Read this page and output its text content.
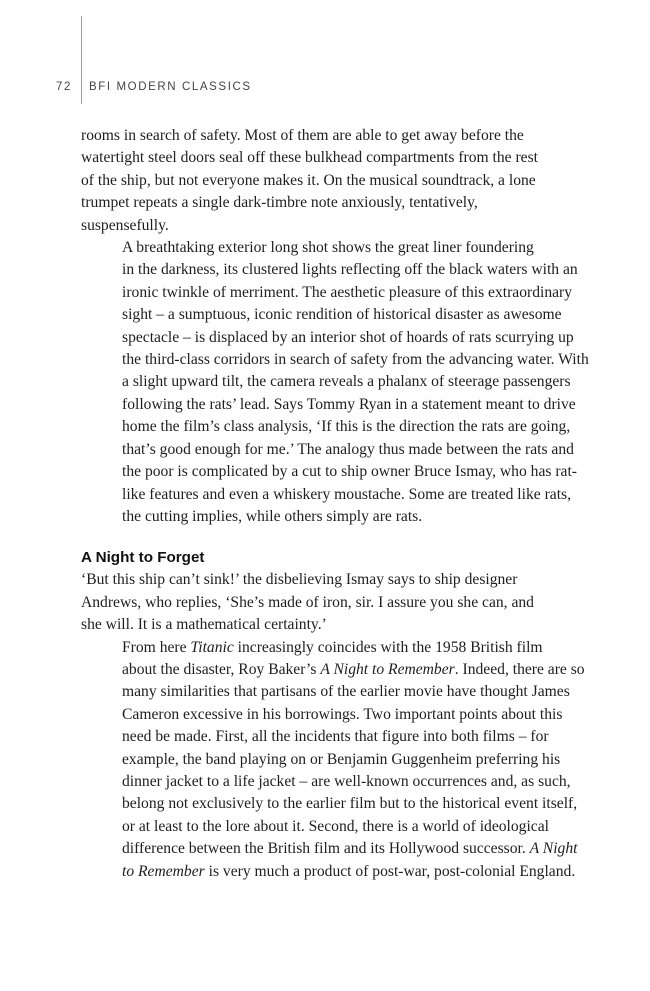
72 BFI MODERN CLASSICS

rooms in search of safety. Most of them are able to get away before the
watertight steel doors seal off these bulkhead compartments from the rest
of the ship, but not everyone makes it. On the musical soundtrack, a lone
trumpet repeats a single dark-timbre note anxiously, tentatively,
suspensefully.

A breathtaking exterior long shot shows the great liner foundering
in the darkness, its clustered lights reflecting off the black waters with an
ironic twinkle of merriment. The aesthetic pleasure of this extraordinary
sight – a sumptuous, iconic rendition of historical disaster as awesome
spectacle – is displaced by an interior shot of hoards of rats scurrying up
the third-class corridors in search of safety from the advancing water. With
a slight upward tilt, the camera reveals a phalanx of steerage passengers
following the rats’ lead. Says Tommy Ryan in a statement meant to drive
home the film’s class analysis, ‘If this is the direction the rats are going,
that’s good enough for me.’ The analogy thus made between the rats and
the poor is complicated by a cut to ship owner Bruce Ismay, who has rat-
like features and even a whiskery moustache. Some are treated like rats,
the cutting implies, while others simply are rats.

A Night to Forget

‘But this ship can’t sink!’ the disbelieving Ismay says to ship designer
Andrews, who replies, ‘She’s made of iron, sir. I assure you she can, and
she will. It is a mathematical certainty.’

From here Titanic increasingly coincides with the 1958 British film
about the disaster, Roy Baker’s A Night to Remember. Indeed, there are so
many similarities that partisans of the earlier movie have thought James
Cameron excessive in his borrowings. Two important points about this
need be made. First, all the incidents that figure into both films – for
example, the band playing on or Benjamin Guggenheim preferring his
dinner jacket to a life jacket – are well-known occurrences and, as such,
belong not exclusively to the earlier film but to the historical event itself,
or at least to the lore about it. Second, there is a world of ideological
difference between the British film and its Hollywood successor. A Night
to Remember is very much a product of post-war, post-colonial England.
